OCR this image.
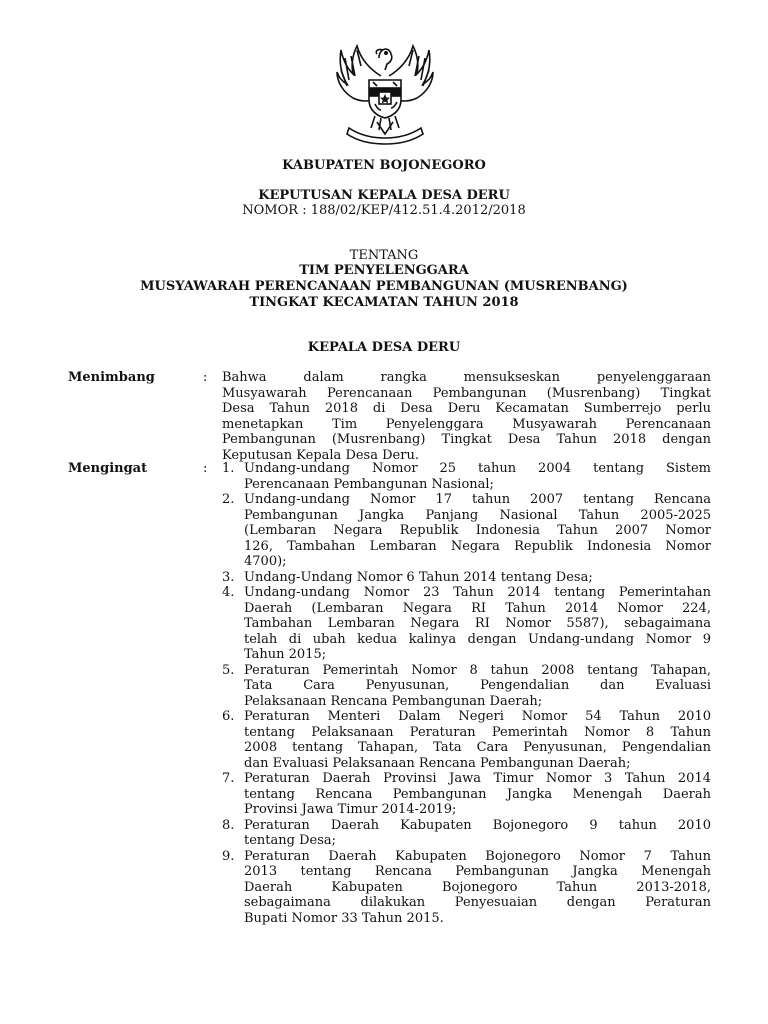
KABUPATEN BOJONEGORO
KEPUTUSAN KEPALA DESA DERU
NOMOR : 188/02/KEP/412.51.4.2012/2018
TENTANG
TIM PENYELENGGARA
MUSYAWARAH PERENCANAAN PEMBANGUNAN (MUSRENBANG)
TINGKAT KECAMATAN TAHUN 2018
KEPALA DESA DERU
Menimbang	: Bahwa dalam rangka mensukseskan penyelenggaraan
Musyawarah Perencanaan Pembangunan (Musrenbang) Tingkat
Desa Tahun 2018 di Desa Deru Kecamatan Sumberrejo perlu
menetapkan Tim Penyelenggara Musyawarah Perencanaan
Pembangunan (Musrenbang) Tingkat Desa Tahun 2018 dengan
Keputusan Kepala Desa Deru.
Mengingat	: 1. Undang-undang Nomor 25 tahun 2004 tentang Sistem
Perencanaan Pembangunan Nasional;
2. Undang-undang Nomor 17 tahun 2007 tentang Rencana
Pembangunan Jangka Panjang Nasional Tahun 2005-2025
(Lembaran Negara Republik Indonesia Tahun 2007 Nomor
126, Tambahan Lembaran Negara Republik Indonesia Nomor
4700);
3. Undang-Undang Nomor 6 Tahun 2014 tentang Desa;
4. Undang-undang Nomor 23 Tahun 2014 tentang Pemerintahan
Daerah (Lembaran Negara RI Tahun 2014 Nomor 224,
Tambahan Lembaran Negara RI Nomor 5587), sebagaimana
telah di ubah kedua kalinya dengan Undang-undang Nomor 9
Tahun 2015;
5. Peraturan Pemerintah Nomor 8 tahun 2008 tentang Tahapan,
Tata Cara Penyusunan, Pengendalian dan Evaluasi
Pelaksanaan Rencana Pembangunan Daerah;
6. Peraturan Menteri Dalam Negeri Nomor 54 Tahun 2010
tentang Pelaksanaan Peraturan Pemerintah Nomor 8 Tahun
2008 tentang Tahapan, Tata Cara Penyusunan, Pengendalian
dan Evaluasi Pelaksanaan Rencana Pembangunan Daerah;
7. Peraturan Daerah Provinsi Jawa Timur Nomor 3 Tahun 2014
tentang Rencana Pembangunan Jangka Menengah Daerah
Provinsi Jawa Timur 2014-2019;
8. Peraturan Daerah Kabupaten Bojonegoro 9 tahun 2010
tentang Desa;
9. Peraturan Daerah Kabupaten Bojonegoro Nomor 7 Tahun
2013 tentang Rencana Pembangunan Jangka Menengah
Daerah Kabupaten Bojonegoro Tahun 2013-2018,
sebagaimana dilakukan Penyesuaian dengan Peraturan
Bupati Nomor 33 Tahun 2015.
